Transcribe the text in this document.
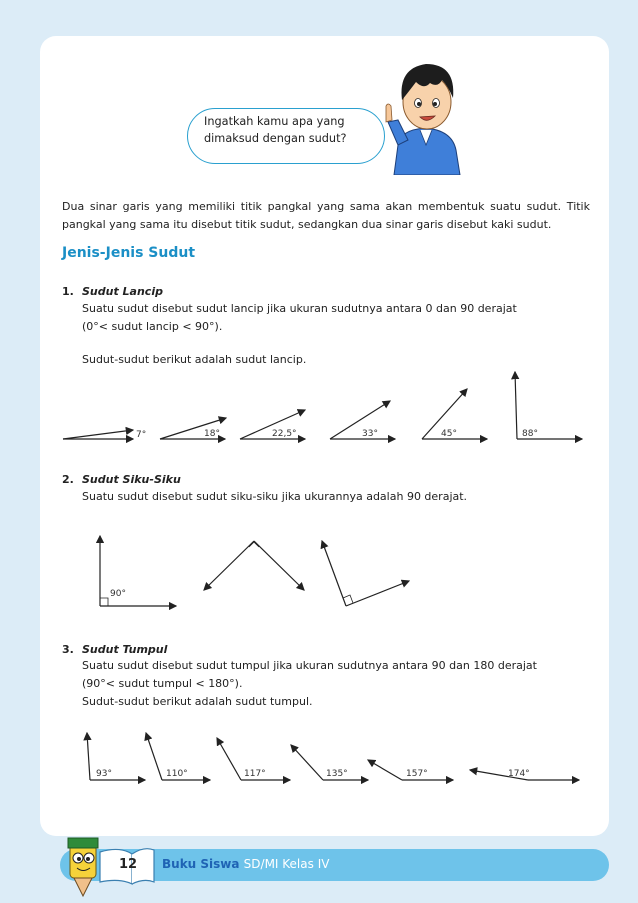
Ingatkah kamu apa yang
dimaksud dengan sudut?
Dua sinar garis yang memiliki titik pangkal yang sama akan membentuk suatu sudut. Titik pangkal yang sama itu disebut titik sudut, sedangkan dua sinar garis disebut kaki sudut.
Jenis-Jenis Sudut
1. Sudut Lancip
Suatu sudut disebut sudut lancip jika ukuran sudutnya antara 0 dan 90 derajat
(0°< sudut lancip < 90°).
Sudut-sudut berikut adalah sudut lancip.
7°	18°	22,5°	33°	45°	88°
90°
93°	110°	117°	135°	157°	174°
2. Sudut Siku-Siku
Suatu sudut disebut sudut siku-siku jika ukurannya adalah 90 derajat.
3. Sudut Tumpul
Suatu sudut disebut sudut tumpul jika ukuran sudutnya antara 90 dan 180 derajat
(90°< sudut tumpul < 180°).
Sudut-sudut berikut adalah sudut tumpul.
12	Buku Siswa SD/MI Kelas IV
